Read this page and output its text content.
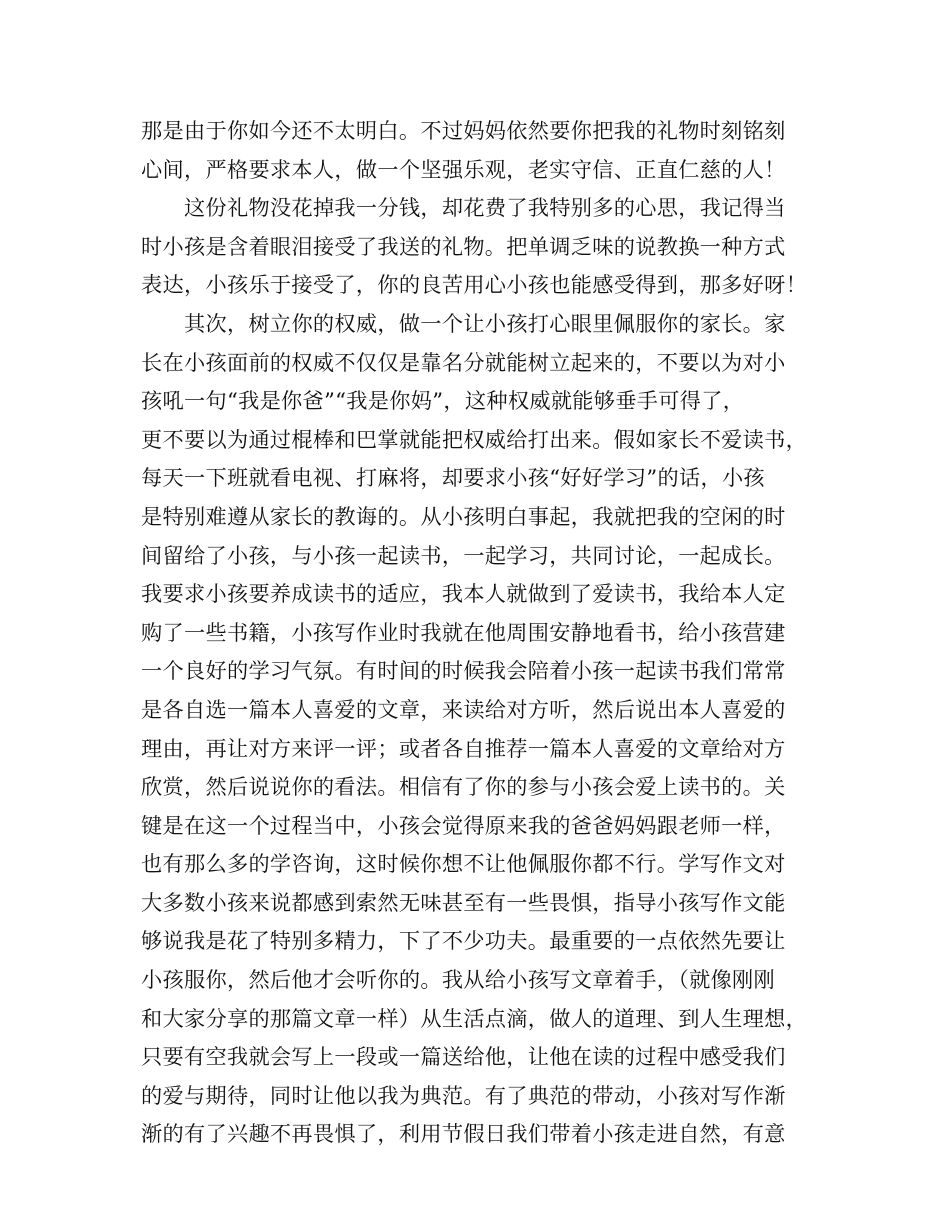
那是由于你如今还不太明白。不过妈妈依然要你把我的礼物时刻铭刻
心间，严格要求本人，做一个坚强乐观，老实守信、正直仁慈的人！
这份礼物没花掉我一分钱，却花费了我特别多的心思，我记得当
时小孩是含着眼泪接受了我送的礼物。把单调乏味的说教换一种方式
表达，小孩乐于接受了，你的良苦用心小孩也能感受得到，那多好呀！
其次，树立你的权威，做一个让小孩打心眼里佩服你的家长。家
长在小孩面前的权威不仅仅是靠名分就能树立起来的，不要以为对小
孩吼一句“我是你爸”“我是你妈”，这种权威就能够垂手可得了，
更不要以为通过棍棒和巴掌就能把权威给打出来。假如家长不爱读书，
每天一下班就看电视、打麻将，却要求小孩“好好学习”的话，小孩
是特别难遵从家长的教诲的。从小孩明白事起，我就把我的空闲的时
间留给了小孩，与小孩一起读书，一起学习，共同讨论，一起成长。
我要求小孩要养成读书的适应，我本人就做到了爱读书，我给本人定
购了一些书籍，小孩写作业时我就在他周围安静地看书，给小孩营建
一个良好的学习气氛。有时间的时候我会陪着小孩一起读书我们常常
是各自选一篇本人喜爱的文章，来读给对方听，然后说出本人喜爱的
理由，再让对方来评一评；或者各自推荐一篇本人喜爱的文章给对方
欣赏，然后说说你的看法。相信有了你的参与小孩会爱上读书的。关
键是在这一个过程当中，小孩会觉得原来我的爸爸妈妈跟老师一样，
也有那么多的学咨询，这时候你想不让他佩服你都不行。学写作文对
大多数小孩来说都感到索然无味甚至有一些畏惧，指导小孩写作文能
够说我是花了特别多精力，下了不少功夫。最重要的一点依然先要让
小孩服你，然后他才会听你的。我从给小孩写文章着手，（就像刚刚
和大家分享的那篇文章一样）从生活点滴，做人的道理、到人生理想，
只要有空我就会写上一段或一篇送给他，让他在读的过程中感受我们
的爱与期待，同时让他以我为典范。有了典范的带动，小孩对写作渐
渐的有了兴趣不再畏惧了，利用节假日我们带着小孩走进自然，有意
